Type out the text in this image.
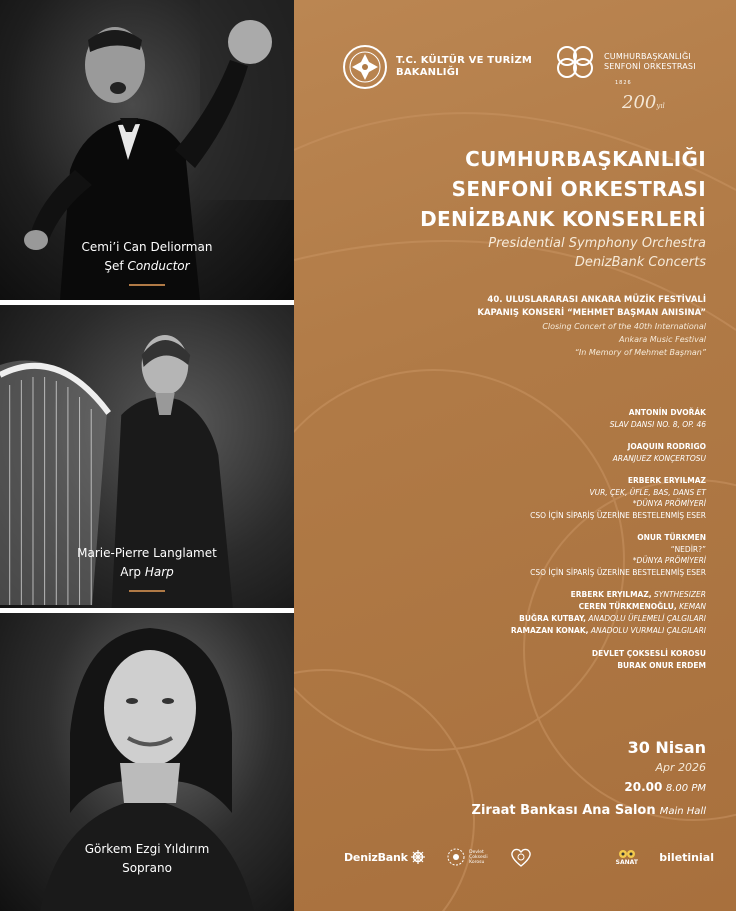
Cemi’i Can Deliorman
Şef Conductor
Marie-Pierre Langlamet
Arp Harp
Görkem Ezgi Yıldırım
Soprano
T.C. KÜLTÜR VE TURİZM
BAKANLIĞI
CUMHURBAŞKANLIĞI
SENFONİ ORKESTRASI
1826
200yıl
CUMHURBAŞKANLIĞI
SENFONİ ORKESTRASI
DENİZBANK KONSERLERİ
Presidential Symphony Orchestra
DenizBank Concerts
40. ULUSLARARASI ANKARA MÜZİK FESTİVALİ
KAPANIŞ KONSERİ “MEHMET BAŞMAN ANISINA”
Closing Concert of the 40th International
Ankara Music Festival
“In Memory of Mehmet Başman”
ANTONÍN DVOŘÁK
SLAV DANSI NO. 8, OP. 46
JOAQUIN RODRIGO
ARANJUEZ KONÇERTOSU
ERBERK ERYILMAZ
VUR, ÇEK, ÜFLE, BAS, DANS ET
*DÜNYA PRÖMİYERİ
CSO İÇİN SİPARİŞ ÜZERİNE BESTELENMİŞ ESER
ONUR TÜRKMEN
“NEDİR?”
*DÜNYA PRÖMİYERİ
CSO İÇİN SİPARİŞ ÜZERİNE BESTELENMİŞ ESER
ERBERK ERYILMAZ, SYNTHESIZER
CEREN TÜRKMENOĞLU, KEMAN
BUĞRA KUTBAY, ANADOLU ÜFLEMELİ ÇALGILARI
RAMAZAN KONAK, ANADOLU VURMALI ÇALGILARI
DEVLET ÇOKSESLİ KOROSU
BURAK ONUR ERDEM
30 Nisan
Apr 2026
20.00 8.00 PM
Ziraat Bankası Ana Salon Main Hall
DenizBank	Devlet
Çoksesli
Korosu	SANAT biletinial
